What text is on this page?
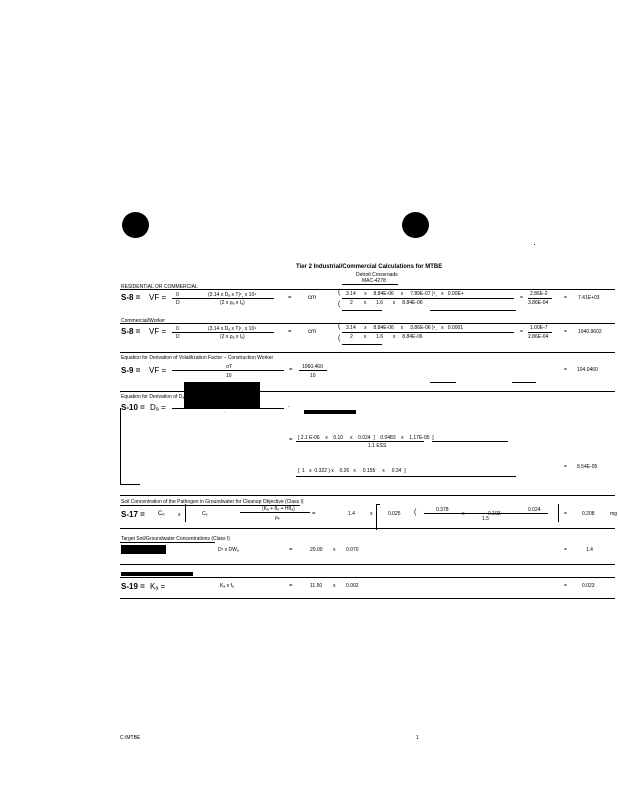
Tier 2 Industrial/Commercial Calculations for MTBE
Detroit Crossroads
MAC-4278
RESIDENTIAL OR COMMERCIAL
S-8 = VF = 0
D
(3.14 x Dₐ x T)¹¸ x 10⁴
(2 x ρₐ x Iₐ)
=	cm
(
(
3.14 x 8.84E-06 x 7.89E-07 )¹¸ x 0.00E+
2 x 1.6 x 8.84E-06
=
2.86E-2
3.86E-04
= 7.41E+03
Commercial/Worker
S-8 = VF = 0
D
(3.14 x Dₐ x T)¹¸ x 10⁴
(2 x ρₐ x Iₐ)
=	cm
(
(
3.14 x 8.84E-06 x 3.86E-06 )¹¸ x 0.0001
2 x 1.6 x 8.84E-06
=
1.00E-7
2.86E-04
= 1040.9602
Equation for Derivation of Volatilization Factor – Construction Worker
S-9 = VF =	σT
10
= 1060.460
10
= 104.0460
Equation for Derivation of Dₐ
S-10 = Dₐ =
·
-
= [ 2.1 E-06 x 0.10 x 0.024  ]    0.0483 x 1.17E-05  ]
1.1 ESS
[  1 x 0.322 ) x 0.26 x 0.155 x 0.34  ]
= 8.54E-05
Soil Concentration of the Pathogen in Groundwater for Cleanup Objective (Class I)
S-17 = Cₑ	x	Cₑ
(Kₐ + θₑ + Hθₐ)
ρₑ
=	1.4	x	0.025 (	0.378
x	0.103
0.024
1.5
=	0.208	mg
Target Soil/Groundwater Concentrations (Class I)
D¹ x DWₐ	=	20.00 x 0.070	=	1.4
S-19 = Kₐ =	Kₐ x fₐ	=	11.50 x 0.002	=	0.023
C:\MTBE	1
